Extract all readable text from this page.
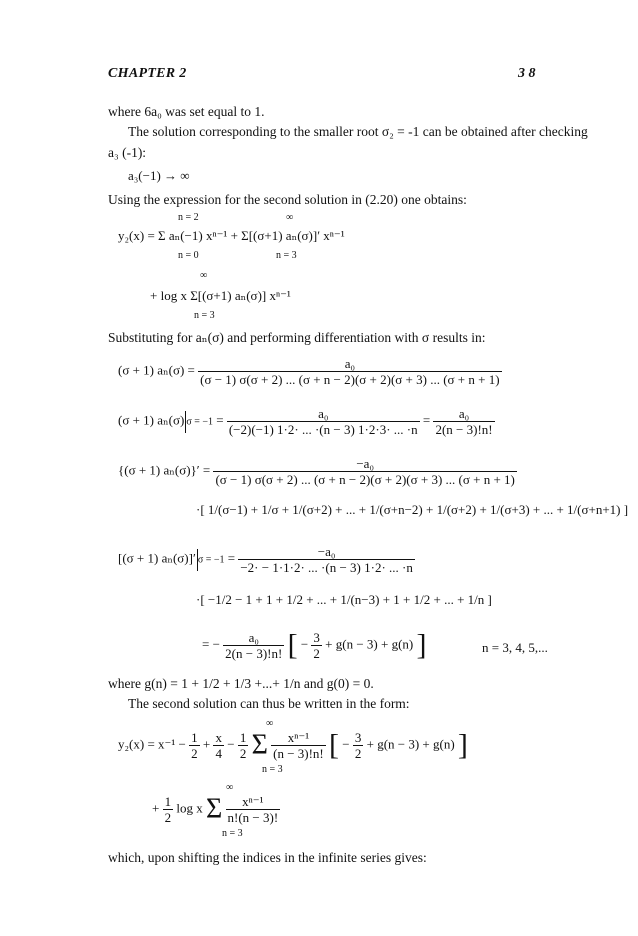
CHAPTER 2	3 8
where 6a₀ was set equal to 1.
The solution corresponding to the smaller root σ₂ = -1 can be obtained after checking
a₃ (-1):
a₃(−1) → ∞
Using the expression for the second solution in (2.20) one obtains:
n = 2	∞
y₂(x) = Σ aₙ(−1) xⁿ⁻¹ + Σ[(σ+1) aₙ(σ)]′ xⁿ⁻¹
n = 0	n = 3
+ log x Σ[(σ+1) aₙ(σ)] xⁿ⁻¹
∞
n = 3
Substituting for aₙ(σ) and performing differentiation with σ results in:
(σ + 1) aₙ(σ) =	a₀
(σ − 1) σ(σ + 2) ... (σ + n − 2)(σ + 2)(σ + 3) ... (σ + n + 1)
(σ + 1) aₙ(σ) $\sigma = -1 = \frac{\text{a₀}}{(-2)(-1) 1\cdot 2\cdot ... \cdot(n - 3) 1\cdot 2\cdot 3\cdot ... \cdot n} = \frac{\text{a₀}}{2(n - 3)!n!}$
{(σ + 1) aₙ(σ)}′ =	−a₀
(σ − 1) σ(σ + 2) ... (σ + n − 2)(σ + 2)(σ + 3) ... (σ + n + 1)
·[ 1/(σ−1) + 1/σ + 1/(σ+2) + ... + 1/(σ+n−2) + 1/(σ+2) + 1/(σ+3) + ... + 1/(σ+n+1) ]
[(σ + 1) aₙ(σ)]′ $\sigma = -1 = \frac{\text{−a₀}}{-2\cdot - 1\cdot 1\cdot 2\cdot ... \cdot(n - 3) 1\cdot 2\cdot ... \cdot n}$
·[ −1/2 − 1 + 1 + 1/2 + ... + 1/(n−3) + 1 + 1/2 + ... + 1/n ]
= − $\frac{\text{a₀}}{2(n - 3)!n!}$ [ − $\frac{3}{2} + g(n - 3) + g(n)$ ]	n = 3, 4, 5,...
where g(n) = 1 + 1/2 + 1/3 +...+ 1/n and g(0) = 0.
The second solution can thus be written in the form:
∞
$y_2(x) = x^{-1} - \frac{1}{2} + \frac{x}{4} - \frac{1}{2}$ Σ $\frac{\text{xⁿ⁻¹}}{(n - 3)!n!}$ [ − $\frac{3}{2} + g(n - 3) + g(n)$ ]
n = 3
∞
+ $\frac{1}{2}$ log x Σ $\frac{\text{xⁿ⁻¹}}{n!(n - 3)!}$
n = 3
which, upon shifting the indices in the infinite series gives:
